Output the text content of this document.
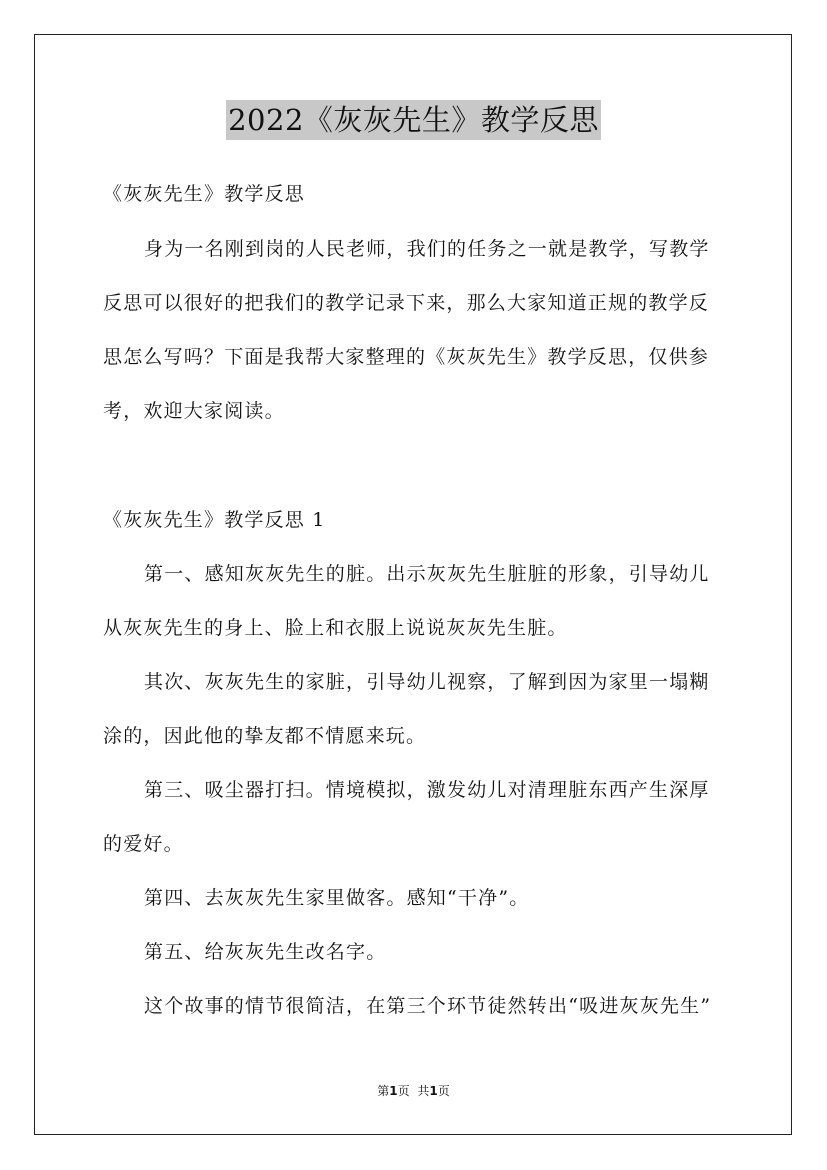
2022《灰灰先生》教学反思
《灰灰先生》教学反思
身为一名刚到岗的人民老师，我们的任务之一就是教学，写教学
反思可以很好的把我们的教学记录下来，那么大家知道正规的教学反
思怎么写吗？下面是我帮大家整理的《灰灰先生》教学反思，仅供参
考，欢迎大家阅读。
《灰灰先生》教学反思 1
第一、感知灰灰先生的脏。出示灰灰先生脏脏的形象，引导幼儿
从灰灰先生的身上、脸上和衣服上说说灰灰先生脏。
其次、灰灰先生的家脏，引导幼儿视察，了解到因为家里一塌糊
涂的，因此他的挚友都不情愿来玩。
第三、吸尘器打扫。情境模拟，激发幼儿对清理脏东西产生深厚
的爱好。
第四、去灰灰先生家里做客。感知“干净”。
第五、给灰灰先生改名字。
这个故事的情节很简洁，在第三个环节徒然转出“吸进灰灰先生”
第1页 共1页
